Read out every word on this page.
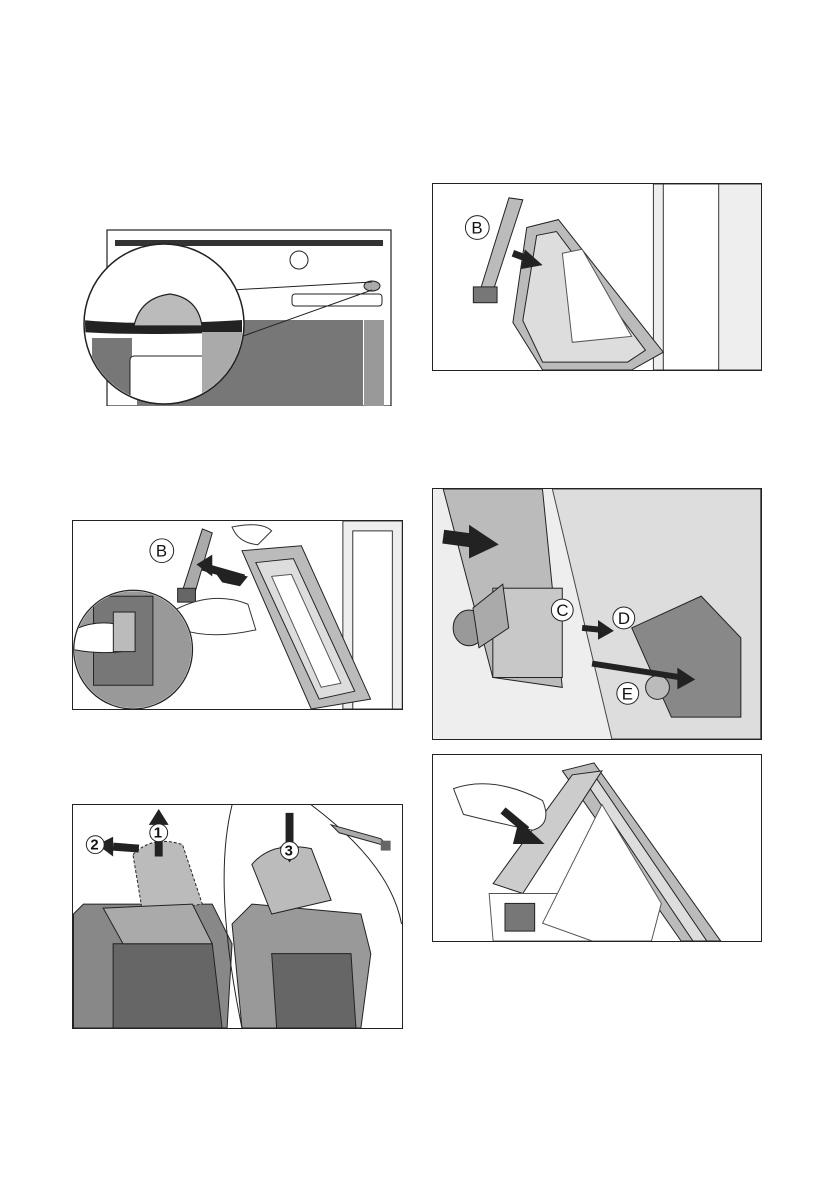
B
1
2	3
B
C	D
E
